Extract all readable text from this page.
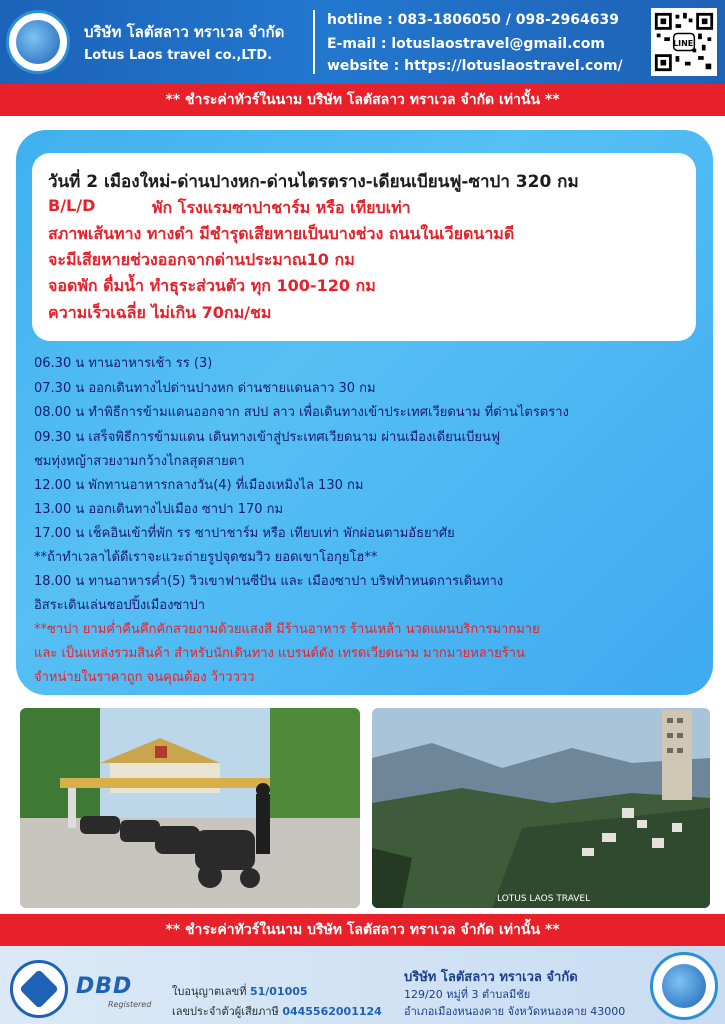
บริษัท โลตัสลาว ทราเวล จำกัด
Lotus Laos travel co.,LTD.
hotline : 083-1806050 / 098-2964639
E-mail : lotuslaostravel@gmail.com
website : https://lotuslaostravel.com/
LINE
** ชำระค่าทัวร์ในนาม บริษัท โลตัสลาว ทราเวล จำกัด เท่านั้น **
วันที่ 2 เมืองใหม่-ด่านปางหก-ด่านไตรตราง-เดียนเบียนฟู-ซาปา 320 กม
B/L/D	พัก โรงแรมซาปาชาร์ม หรือ เทียบเท่า
สภาพเส้นทาง ทางดำ มีชำรุดเสียหายเป็นบางช่วง ถนนในเวียดนามดี
จะมีเสียหายช่วงออกจากด่านประมาณ10 กม
จอดพัก ดื่มน้ำ ทำธุระส่วนตัว ทุก 100-120 กม
ความเร็วเฉลี่ย ไม่เกิน 70กม/ชม
06.30 น ทานอาหารเช้า รร (3)
07.30 น ออกเดินทางไปด่านปางหก ด่านชายแดนลาว 30 กม
08.00 น ทำพิธีการข้ามแดนออกจาก สปป ลาว เพื่อเดินทางเข้าประเทศเวียดนาม ที่ด่านไตรตราง
09.30 น เสร็จพิธีการข้ามแดน เดินทางเข้าสู่ประเทศเวียดนาม ผ่านเมืองเดียนเบียนฟู
ชมทุ่งหญ้าสวยงามกว้างไกลสุดสายตา
12.00 น พักทานอาหารกลางวัน(4) ที่เมืองเหมิงไล 130 กม
13.00 น ออกเดินทางไปเมือง ซาปา 170 กม
17.00 น เช็คอินเข้าที่พัก รร ซาปาชาร์ม หรือ เทียบเท่า พักผ่อนตามอัธยาศัย
**ถ้าทำเวลาได้ดีเราจะแวะถ่ายรูปจุดชมวิว ยอดเขาโอกุยโฮ**
18.00 น ทานอาหารค่ำ(5) วิวเขาฟานซีปัน และ เมืองซาปา บริฟทำหนดการเดินทาง
อิสระเดินเล่นชอปปิ้งเมืองซาปา
**ซาปา ยามค่ำคืนคึกคักสวยงามด้วยแสงสี มีร้านอาหาร ร้านเหล้า นวดแผนบริการมากมาย
และ เป็นแหล่งรวมสินค้า สำหรับนักเดินทาง แบรนด์ดัง เทรดเวียดนาม มากมายหลายร้าน
จำหน่ายในราคาถูก จนคุณต้อง ว้าวววว
LOTUS LAOS TRAVEL
** ชำระค่าทัวร์ในนาม บริษัท โลตัสลาว ทราเวล จำกัด เท่านั้น **
DBD
Registered
ใบอนุญาตเลขที่ 51/01005
เลขประจำตัวผู้เสียภาษี 0445562001124
บริษัท โลตัสลาว ทราเวล จำกัด
129/20 หมู่ที่ 3 ตำบลมีชัย
อำเภอเมืองหนองคาย จังหวัดหนองคาย 43000
